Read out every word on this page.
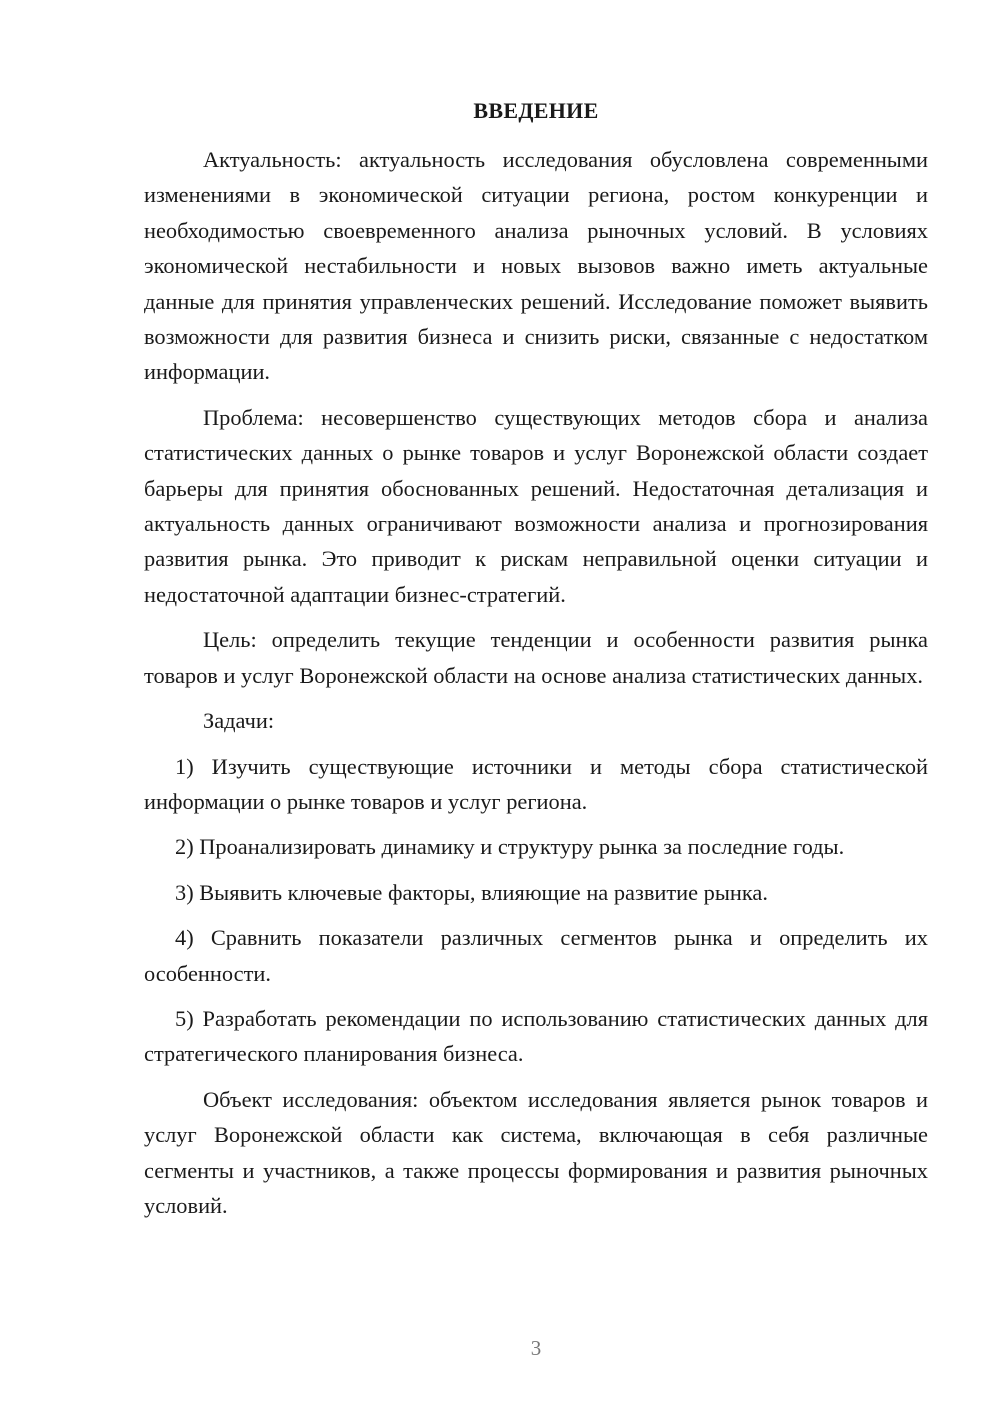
ВВЕДЕНИЕ

Актуальность: актуальность исследования обусловлена современными изменениями в экономической ситуации региона, ростом конкуренции и необходимостью своевременного анализа рыночных условий. В условиях экономической нестабильности и новых вызовов важно иметь актуальные данные для принятия управленческих решений. Исследование поможет выявить возможности для развития бизнеса и снизить риски, связанные с недостатком информации.

Проблема: несовершенство существующих методов сбора и анализа статистических данных о рынке товаров и услуг Воронежской области создает барьеры для принятия обоснованных решений. Недостаточная детализация и актуальность данных ограничивают возможности анализа и прогнозирования развития рынка. Это приводит к рискам неправильной оценки ситуации и недостаточной адаптации бизнес-стратегий.

Цель: определить текущие тенденции и особенности развития рынка товаров и услуг Воронежской области на основе анализа статистических данных.

Задачи:

1) Изучить существующие источники и методы сбора статистической информации о рынке товаров и услуг региона.

2) Проанализировать динамику и структуру рынка за последние годы.

3) Выявить ключевые факторы, влияющие на развитие рынка.

4) Сравнить показатели различных сегментов рынка и определить их особенности.

5) Разработать рекомендации по использованию статистических данных для стратегического планирования бизнеса.

Объект исследования: объектом исследования является рынок товаров и услуг Воронежской области как система, включающая в себя различные сегменты и участников, а также процессы формирования и развития рыночных условий.

3
